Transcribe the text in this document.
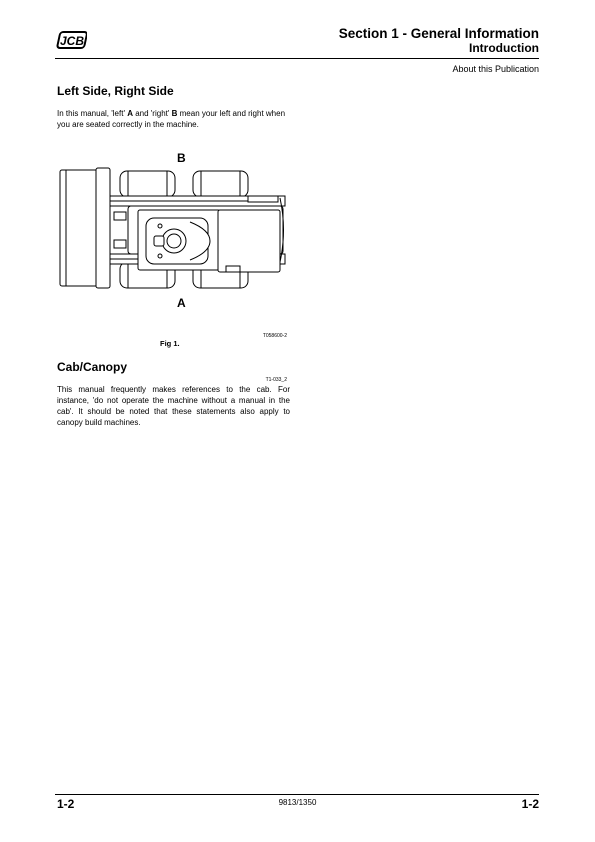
JCB	Section 1 - General Information
Introduction
About this Publication
Left Side, Right Side
In this manual, 'left' A and 'right' B mean your left and right when you are seated correctly in the machine.
B
A
T058600-2
Fig 1.
Cab/Canopy
T1-033_2
This manual frequently makes references to the cab. For instance, 'do not operate the machine without a manual in the cab'. It should be noted that these statements also apply to canopy build machines.
1-2	9813/1350	1-2
